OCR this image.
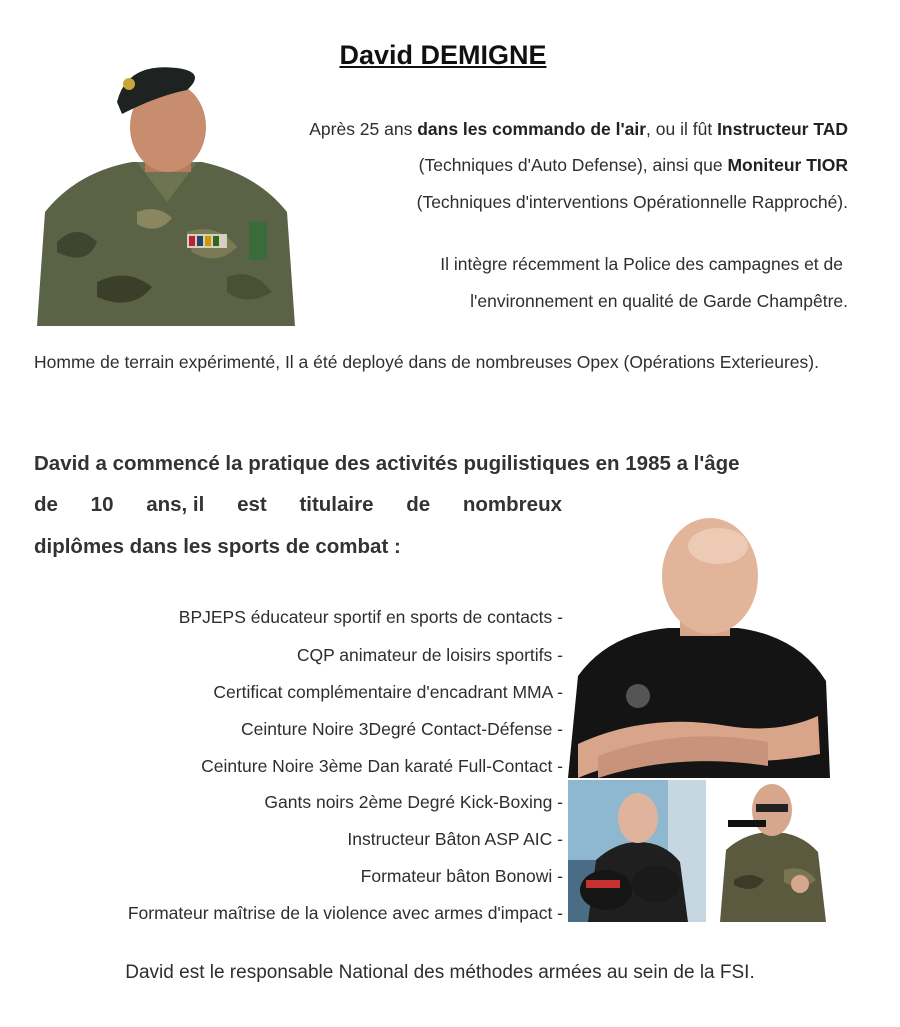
David DEMIGNE
Après 25 ans dans les commando de l'air, ou il fût Instructeur TAD
(Techniques d'Auto Defense), ainsi que Moniteur TIOR
(Techniques d'interventions Opérationnelle Rapproché).
Il intègre récemment la Police des campagnes et de
l'environnement en qualité de Garde Champêtre.
Homme de terrain expérimenté, Il a été deployé dans de nombreuses Opex (Opérations Exterieures).
David a commencé la pratique des activités pugilistiques en 1985 a l'âge
de 10 ans, il est titulaire de nombreux
diplômes dans les sports de combat :
BPJEPS éducateur sportif en sports de contacts -
CQP animateur de loisirs sportifs -
Certificat complémentaire d'encadrant MMA -
Ceinture Noire 3Degré Contact-Défense -
Ceinture Noire 3ème Dan karaté Full-Contact -
Gants noirs 2ème Degré Kick-Boxing -
Instructeur Bâton ASP AIC -
Formateur bâton Bonowi -
Formateur maîtrise de la violence avec armes d'impact -
David est le responsable National des méthodes armées au sein de la FSI.
